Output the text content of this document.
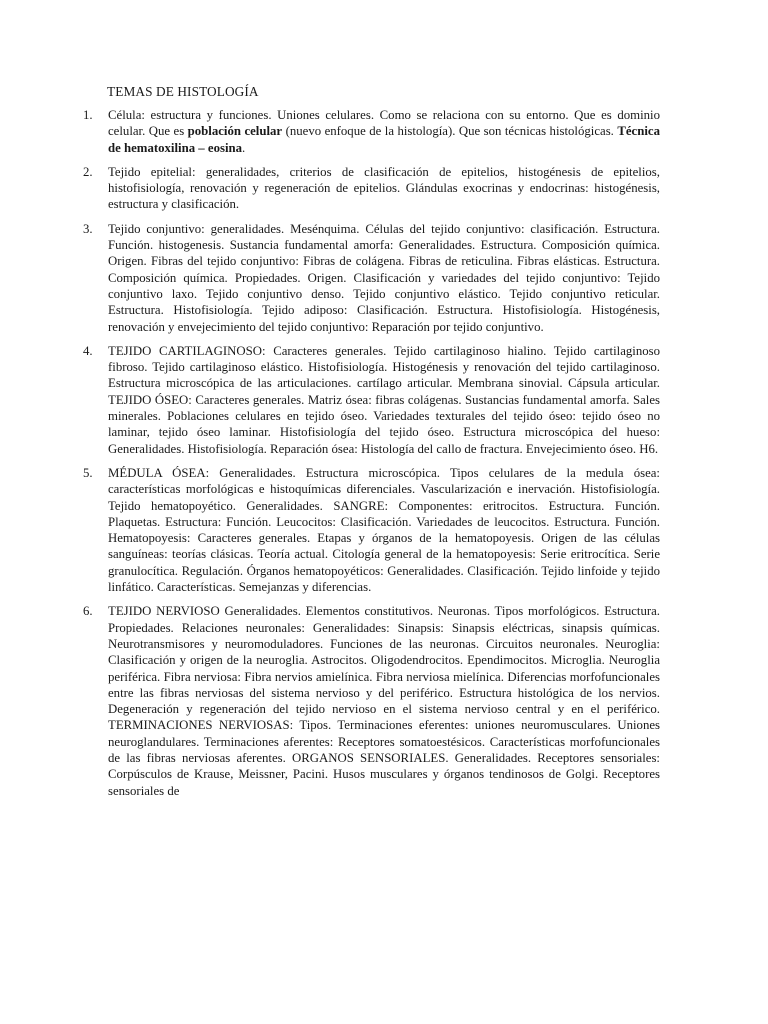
TEMAS DE HISTOLOGÍA
1. Célula: estructura y funciones. Uniones celulares. Como se relaciona con su entorno. Que es dominio celular. Que es población celular (nuevo enfoque de la histología). Que son técnicas histológicas. Técnica de hematoxilina – eosina.
2. Tejido epitelial: generalidades, criterios de clasificación de epitelios, histogénesis de epitelios, histofisiología, renovación y regeneración de epitelios. Glándulas exocrinas y endocrinas: histogénesis, estructura y clasificación.
3. Tejido conjuntivo: generalidades. Mesénquima. Células del tejido conjuntivo: clasificación. Estructura. Función. histogenesis. Sustancia fundamental amorfa: Generalidades. Estructura. Composición química. Origen. Fibras del tejido conjuntivo: Fibras de colágena. Fibras de reticulina. Fibras elásticas. Estructura. Composición química. Propiedades. Origen. Clasificación y variedades del tejido conjuntivo: Tejido conjuntivo laxo. Tejido conjuntivo denso. Tejido conjuntivo elástico. Tejido conjuntivo reticular. Estructura. Histofisiología. Tejido adiposo: Clasificación. Estructura. Histofisiología. Histogénesis, renovación y envejecimiento del tejido conjuntivo: Reparación por tejido conjuntivo.
4. TEJIDO CARTILAGINOSO: Caracteres generales. Tejido cartilaginoso hialino. Tejido cartilaginoso fibroso. Tejido cartilaginoso elástico. Histofisiología. Histogénesis y renovación del tejido cartilaginoso. Estructura microscópica de las articulaciones. cartílago articular. Membrana sinovial. Cápsula articular. TEJIDO ÓSEO: Caracteres generales. Matriz ósea: fibras colágenas. Sustancias fundamental amorfa. Sales minerales. Poblaciones celulares en tejido óseo. Variedades texturales del tejido óseo: tejido óseo no laminar, tejido óseo laminar. Histofisiología del tejido óseo. Estructura microscópica del hueso: Generalidades. Histofisiología. Reparación ósea: Histología del callo de fractura. Envejecimiento óseo. H6.
5. MÉDULA ÓSEA: Generalidades. Estructura microscópica. Tipos celulares de la medula ósea: características morfológicas e histoquímicas diferenciales. Vascularización e inervación. Histofisiología. Tejido hematopoyético. Generalidades. SANGRE: Componentes: eritrocitos. Estructura. Función. Plaquetas. Estructura: Función. Leucocitos: Clasificación. Variedades de leucocitos. Estructura. Función. Hematopoyesis: Caracteres generales. Etapas y órganos de la hematopoyesis. Origen de las células sanguíneas: teorías clásicas. Teoría actual. Citología general de la hematopoyesis: Serie eritrocítica. Serie granulocítica. Regulación. Órganos hematopoyéticos: Generalidades. Clasificación. Tejido linfoide y tejido linfático. Características. Semejanzas y diferencias.
6. TEJIDO NERVIOSO Generalidades. Elementos constitutivos. Neuronas. Tipos morfológicos. Estructura. Propiedades. Relaciones neuronales: Generalidades: Sinapsis: Sinapsis eléctricas, sinapsis químicas. Neurotransmisores y neuromoduladores. Funciones de las neuronas. Circuitos neuronales. Neuroglia: Clasificación y origen de la neuroglia. Astrocitos. Oligodendrocitos. Ependimocitos. Microglia. Neuroglia periférica. Fibra nerviosa: Fibra nervios amielínica. Fibra nerviosa mielínica. Diferencias morfofuncionales entre las fibras nerviosas del sistema nervioso y del periférico. Estructura histológica de los nervios. Degeneración y regeneración del tejido nervioso en el sistema nervioso central y en el periférico. TERMINACIONES NERVIOSAS: Tipos. Terminaciones eferentes: uniones neuromusculares. Uniones neuroglandulares. Terminaciones aferentes: Receptores somatoestésicos. Características morfofuncionales de las fibras nerviosas aferentes. ORGANOS SENSORIALES. Generalidades. Receptores sensoriales: Corpúsculos de Krause, Meissner, Pacini. Husos musculares y órganos tendinosos de Golgi. Receptores sensoriales de
